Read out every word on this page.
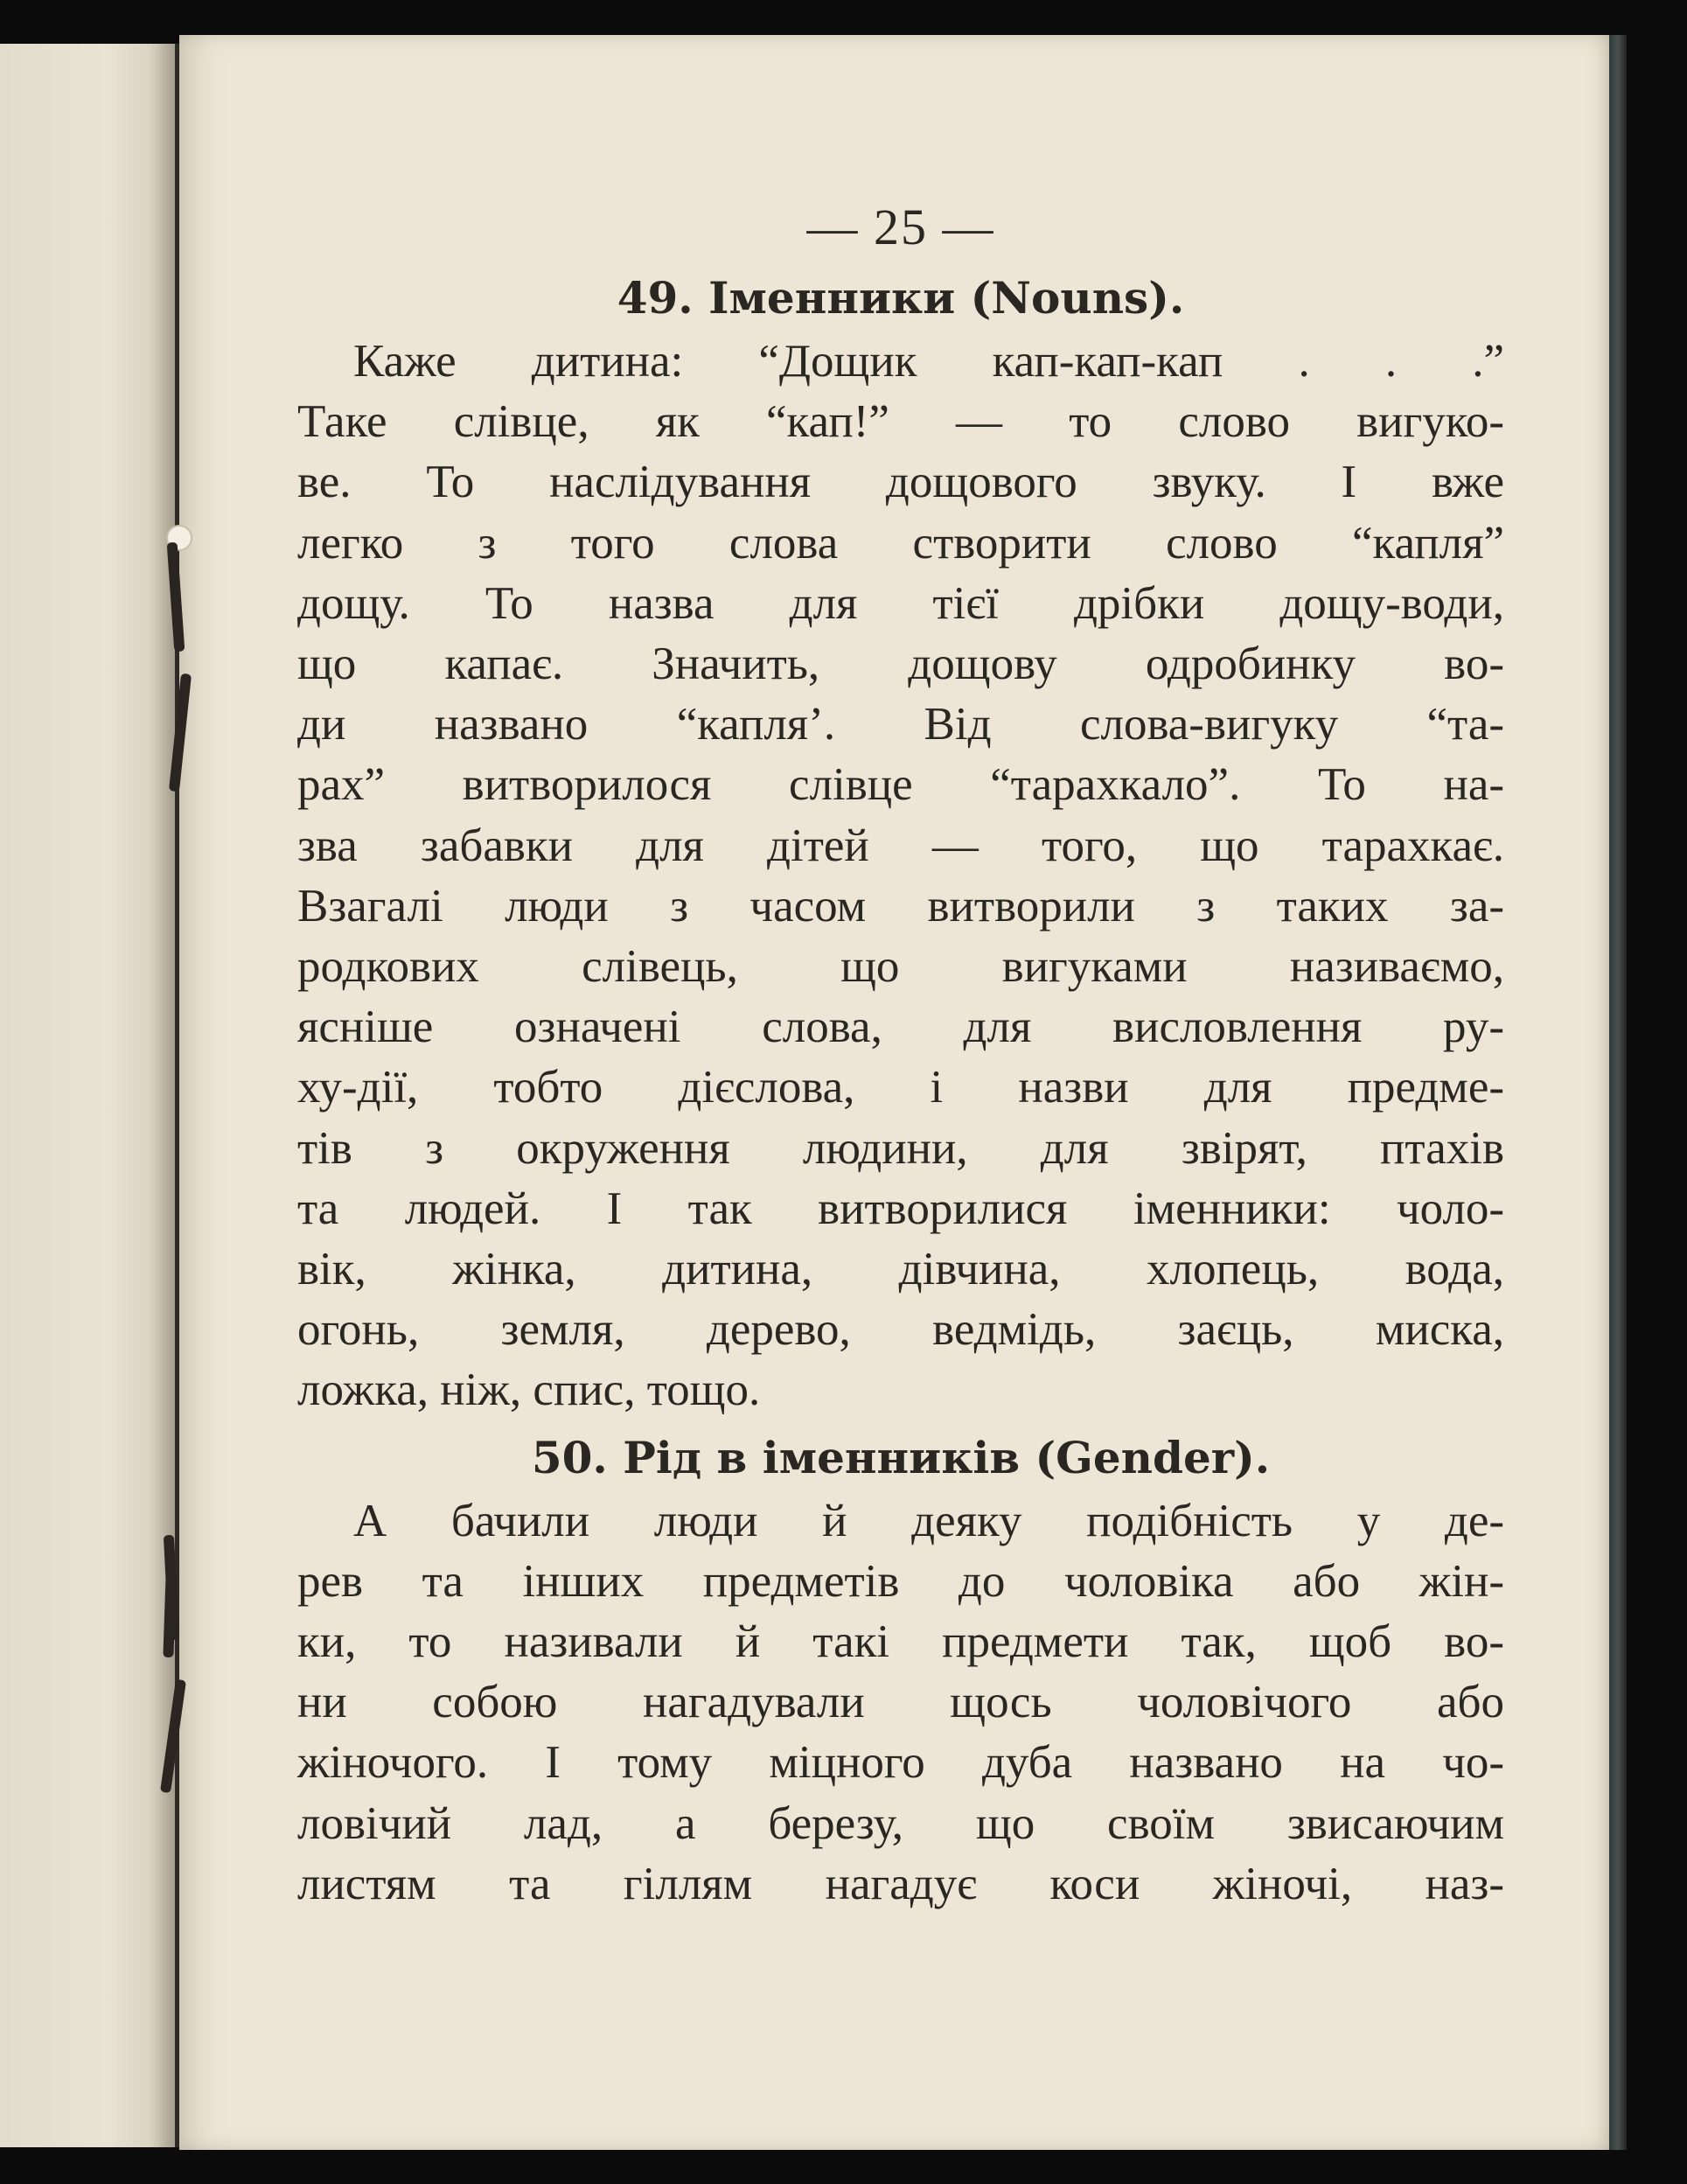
— 25 —
49. Іменники (Nouns).
Каже дитина: “Дощик кап-кап-кап . . .”
Таке слівце, як “кап!” — то слово вигуко-
ве. То наслідування дощового звуку. І вже
легко з того слова створити слово “капля”
дощу. То назва для тієї дрібки дощу-води,
що капає. Значить, дощову одробинку во-
ди названо “капля’. Від слова-вигуку “та-
рах” витворилося слівце “тарахкало”. То на-
зва забавки для дітей — того, що тарахкає.
Взагалі люди з часом витворили з таких за-
родкових слівець, що вигуками називаємо,
ясніше означені слова, для висловлення ру-
ху-дії, тобто дієслова, і назви для предме-
тів з окруження людини, для звірят, птахів
та людей. І так витворилися іменники: чоло-
вік, жінка, дитина, дівчина, хлопець, вода,
огонь, земля, дерево, ведмідь, заєць, миска,
ложка, ніж, спис, тощо.
50. Рід в іменників (Gender).
А бачили люди й деяку подібність у де-
рев та інших предметів до чоловіка або жін-
ки, то називали й такі предмети так, щоб во-
ни собою нагадували щось чоловічого або
жіночого. І тому міцного дуба названо на чо-
ловічий лад, а березу, що своїм звисаючим
листям та гіллям нагадує коси жіночі, наз-
